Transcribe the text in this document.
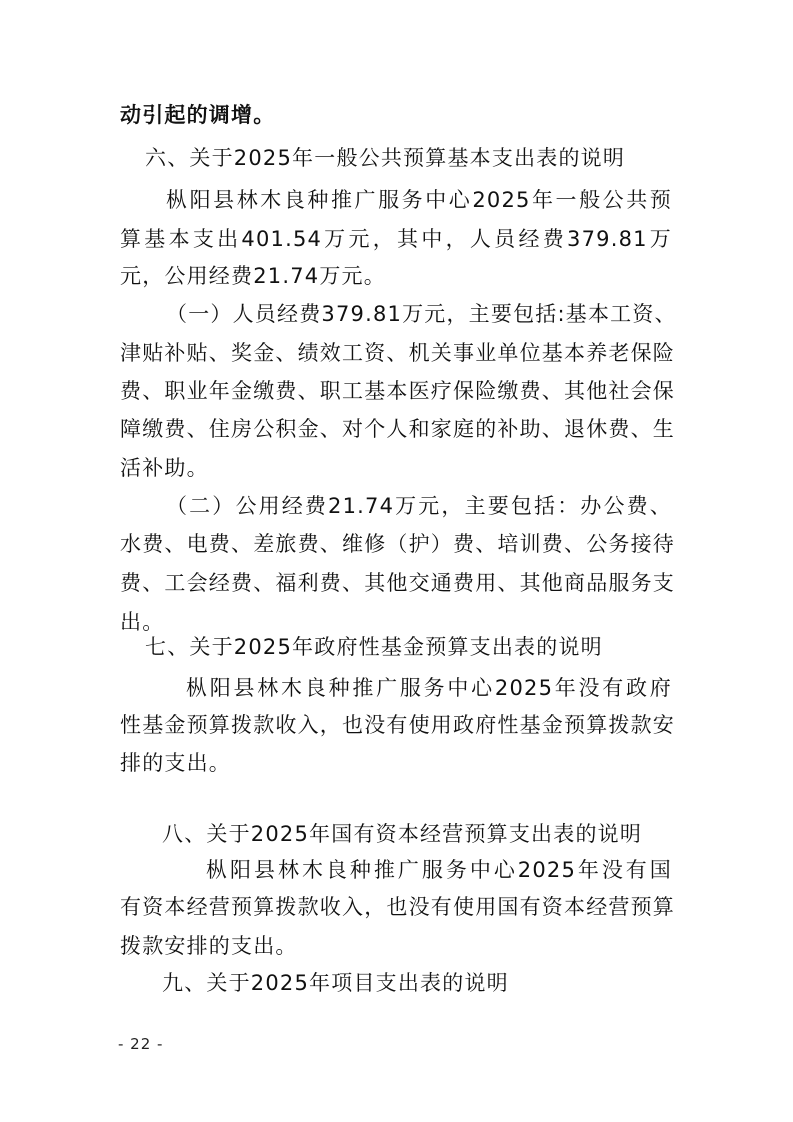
动引起的调增。
六、关于2025年一般公共预算基本支出表的说明
枞阳县林木良种推广服务中心2025年一般公共预
算基本支出401.54万元，其中，人员经费379.81万
元，公用经费21.74万元。
（一）人员经费379.81万元，主要包括:基本工资、
津贴补贴、奖金、绩效工资、机关事业单位基本养老保险
费、职业年金缴费、职工基本医疗保险缴费、其他社会保
障缴费、住房公积金、对个人和家庭的补助、退休费、生
活补助。
（二）公用经费21.74万元，主要包括：办公费、
水费、电费、差旅费、维修（护）费、培训费、公务接待
费、工会经费、福利费、其他交通费用、其他商品服务支
出。
七、关于2025年政府性基金预算支出表的说明
枞阳县林木良种推广服务中心2025年没有政府
性基金预算拨款收入，也没有使用政府性基金预算拨款安
排的支出。
八、关于2025年国有资本经营预算支出表的说明
枞阳县林木良种推广服务中心2025年没有国
有资本经营预算拨款收入，也没有使用国有资本经营预算
拨款安排的支出。
九、关于2025年项目支出表的说明
- 22 -
